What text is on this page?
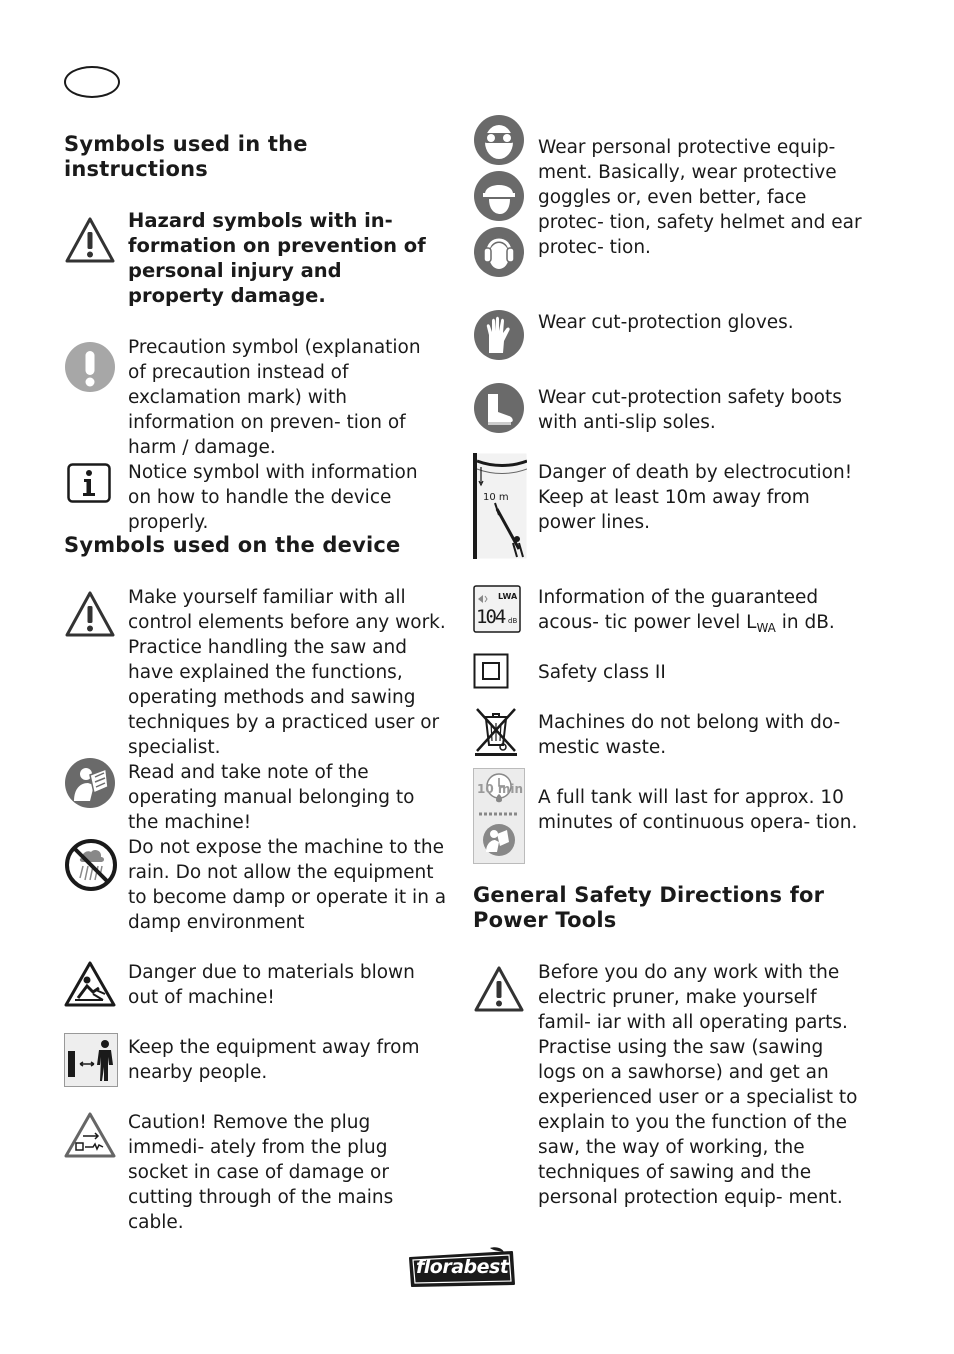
Symbols used in the instructions
Hazard symbols with in- formation on prevention of personal injury and property damage.
Precaution symbol (explanation of precaution instead of exclamation mark) with information on preven- tion of harm / damage.
Notice symbol with information on how to handle the device properly.
Symbols used on the device
Make yourself familiar with all control elements before any work. Practice handling the saw and have explained the functions, operating methods and sawing techniques by a practiced user or specialist.
Read and take note of the operating manual belonging to the machine!
Do not expose the machine to the rain. Do not allow the equipment to become damp or operate it in a damp environment
Danger due to materials blown out of machine!
Keep the equipment away from nearby people.
Caution! Remove the plug immedi- ately from the plug socket in case of damage or cutting through of the mains cable.
Wear personal protective equip- ment. Basically, wear protective goggles or, even better, face protec- tion, safety helmet and ear protec- tion.
Wear cut-protection gloves.
Wear cut-protection safety boots with anti-slip soles.
10 m
Danger of death by electrocution! Keep at least 10m away from power lines.
LWA
104 dB
Information of the guaranteed acous- tic power level $L_{WA}$ in dB.
Safety class II
Machines do not belong with do- mestic waste.
10 min A full tank will last for approx. 10 minutes of continuous opera- tion.
General Safety Directions for Power Tools
Before you do any work with the electric pruner, make yourself famil- iar with all operating parts. Practise using the saw (sawing logs on a sawhorse) and get an experienced user or a specialist to explain to you the function of the saw, the way of working, the techniques of sawing and the personal protection equip- ment.
florabest
